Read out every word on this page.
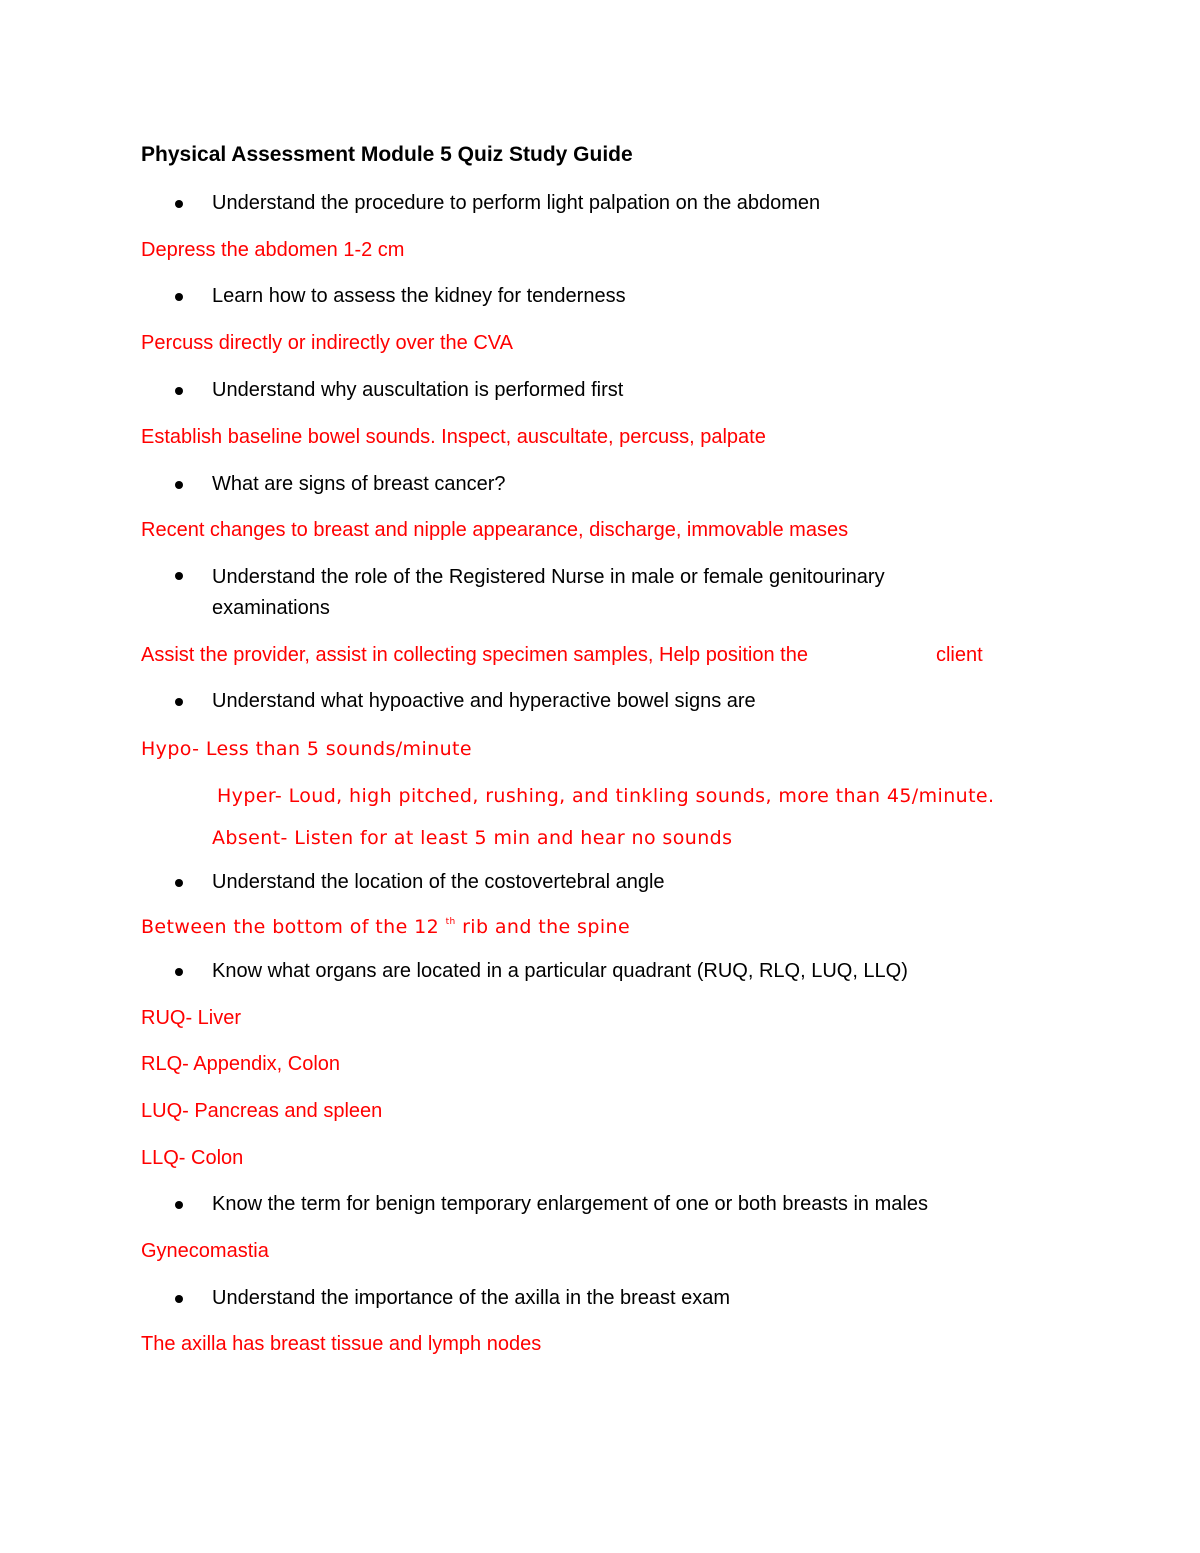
Physical Assessment Module 5 Quiz Study Guide

Understand the procedure to perform light palpation on the abdomen

Depress the abdomen 1-2 cm

Learn how to assess the kidney for tenderness

Percuss directly or indirectly over the CVA

Understand why auscultation is performed first

Establish baseline bowel sounds. Inspect, auscultate, percuss, palpate

What are signs of breast cancer?

Recent changes to breast and nipple appearance, discharge, immovable mases

Understand the role of the Registered Nurse in male or female genitourinary examinations

Assist the provider, assist in collecting specimen samples, Help position the	client

Understand what hypoactive and hyperactive bowel signs are

Hypo- Less than 5 sounds/minute

Hyper- Loud, high pitched, rushing, and tinkling sounds, more than 45/minute.

Absent- Listen for at least 5 min and hear no sounds

Understand the location of the costovertebral angle

Between the bottom of the 12 $^{th}$ rib and the spine

Know what organs are located in a particular quadrant (RUQ, RLQ, LUQ, LLQ)

RUQ- Liver

RLQ- Appendix, Colon

LUQ- Pancreas and spleen

LLQ- Colon

Know the term for benign temporary enlargement of one or both breasts in males

Gynecomastia

Understand the importance of the axilla in the breast exam

The axilla has breast tissue and lymph nodes
